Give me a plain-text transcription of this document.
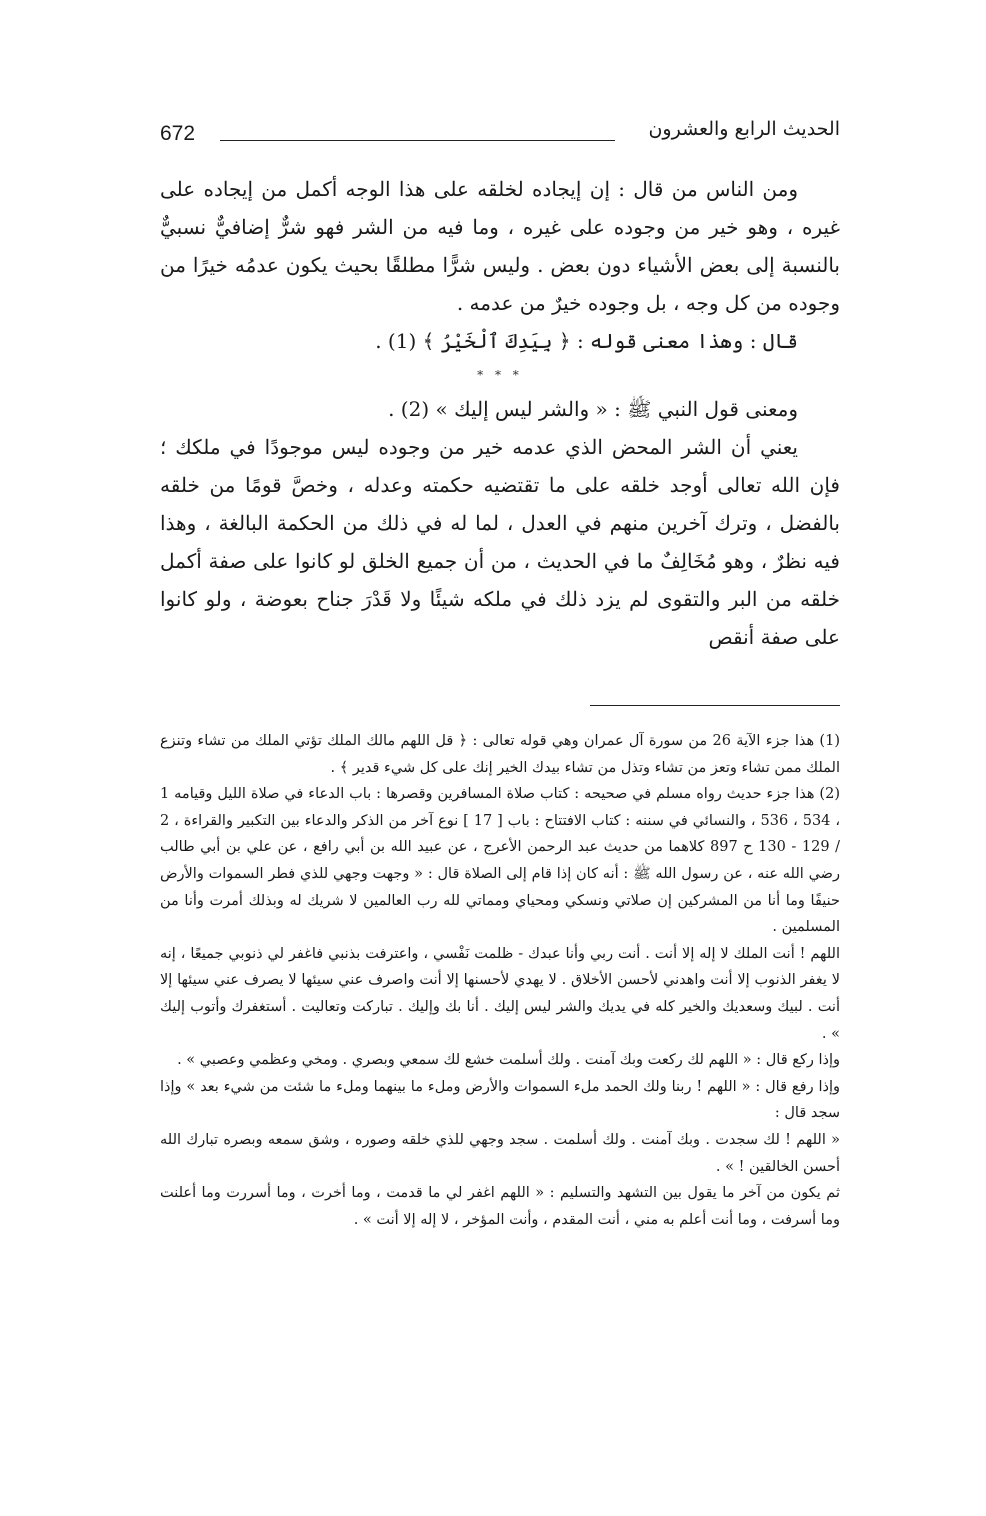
672	الحديث الرابع والعشرون

ومن الناس من قال : إن إيجاده لخلقه على هذا الوجه أكمل من إيجاده على غيره ، وهو خير من وجوده على غيره ، وما فيه من الشر فهو شرٌّ إضافيٌّ نسبيٌّ بالنسبة إلى بعض الأشياء دون بعض . وليس شرًّا مطلقًا بحيث يكون عدمُه خيرًا من وجوده من كل وجه ، بل وجوده خيرٌ من عدمه .

قال : وهذا معنى قوله : ﴿ بِيَدِكَ ٱلْخَيْرُ ﴾ (1) .

* * *

ومعنى قول النبي ﷺ : « والشر ليس إليك » (2) .

يعني أن الشر المحض الذي عدمه خير من وجوده ليس موجودًا في ملكك ؛ فإن الله تعالى أوجد خلقه على ما تقتضيه حكمته وعدله ، وخصَّ قومًا من خلقه بالفضل ، وترك آخرين منهم في العدل ، لما له في ذلك من الحكمة البالغة ، وهذا فيه نظرٌ ، وهو مُخَالِفٌ ما في الحديث ، من أن جميع الخلق لو كانوا على صفة أكمل خلقه من البر والتقوى لم يزد ذلك في ملكه شيئًا ولا قَدْرَ جناح بعوضة ، ولو كانوا على صفة أنقص

(1) هذا جزء الآية 26 من سورة آل عمران وهي قوله تعالى : ﴿ قل اللهم مالك الملك تؤتي الملك من تشاء وتنزع الملك ممن تشاء وتعز من تشاء وتذل من تشاء بيدك الخير إنك على كل شيء قدير ﴾ .

(2) هذا جزء حديث رواه مسلم في صحيحه : كتاب صلاة المسافرين وقصرها : باب الدعاء في صلاة الليل وقيامه 1 ، 534 ، 536 ، والنسائي في سننه : كتاب الافتتاح : باب [ 17 ] نوع آخر من الذكر والدعاء بين التكبير والقراءة ، 2 / 129 - 130 ح 897 كلاهما من حديث عبد الرحمن الأعرج ، عن عبيد الله بن أبي رافع ، عن علي بن أبي طالب رضي الله عنه ، عن رسول الله ﷺ : أنه كان إذا قام إلى الصلاة قال : « وجهت وجهي للذي فطر السموات والأرض حنيفًا وما أنا من المشركين إن صلاتي ونسكي ومحياي ومماتي لله رب العالمين لا شريك له وبذلك أمرت وأنا من المسلمين .

اللهم ! أنت الملك لا إله إلا أنت . أنت ربي وأنا عبدك - ظلمت نَفْسي ، واعترفت بذنبي فاغفر لي ذنوبي جميعًا ، إنه لا يغفر الذنوب إلا أنت واهدني لأحسن الأخلاق . لا يهدي لأحسنها إلا أنت واصرف عني سيئها لا يصرف عني سيئها إلا أنت . لبيك وسعديك والخير كله في يديك والشر ليس إليك . أنا بك وإليك . تباركت وتعاليت . أستغفرك وأتوب إليك » .

وإذا ركع قال : « اللهم لك ركعت وبك آمنت . ولك أسلمت خشع لك سمعي وبصري . ومخي وعظمي وعصبي » .

وإذا رفع قال : « اللهم ! ربنا ولك الحمد ملء السموات والأرض وملء ما بينهما وملء ما شئت من شيء بعد » وإذا سجد قال :

« اللهم ! لك سجدت . وبك آمنت . ولك أسلمت . سجد وجهي للذي خلقه وصوره ، وشق سمعه وبصره تبارك الله أحسن الخالقين ! » .

ثم يكون من آخر ما يقول بين التشهد والتسليم : « اللهم اغفر لي ما قدمت ، وما أخرت ، وما أسررت وما أعلنت وما أسرفت ، وما أنت أعلم به مني ، أنت المقدم ، وأنت المؤخر ، لا إله إلا أنت » .
